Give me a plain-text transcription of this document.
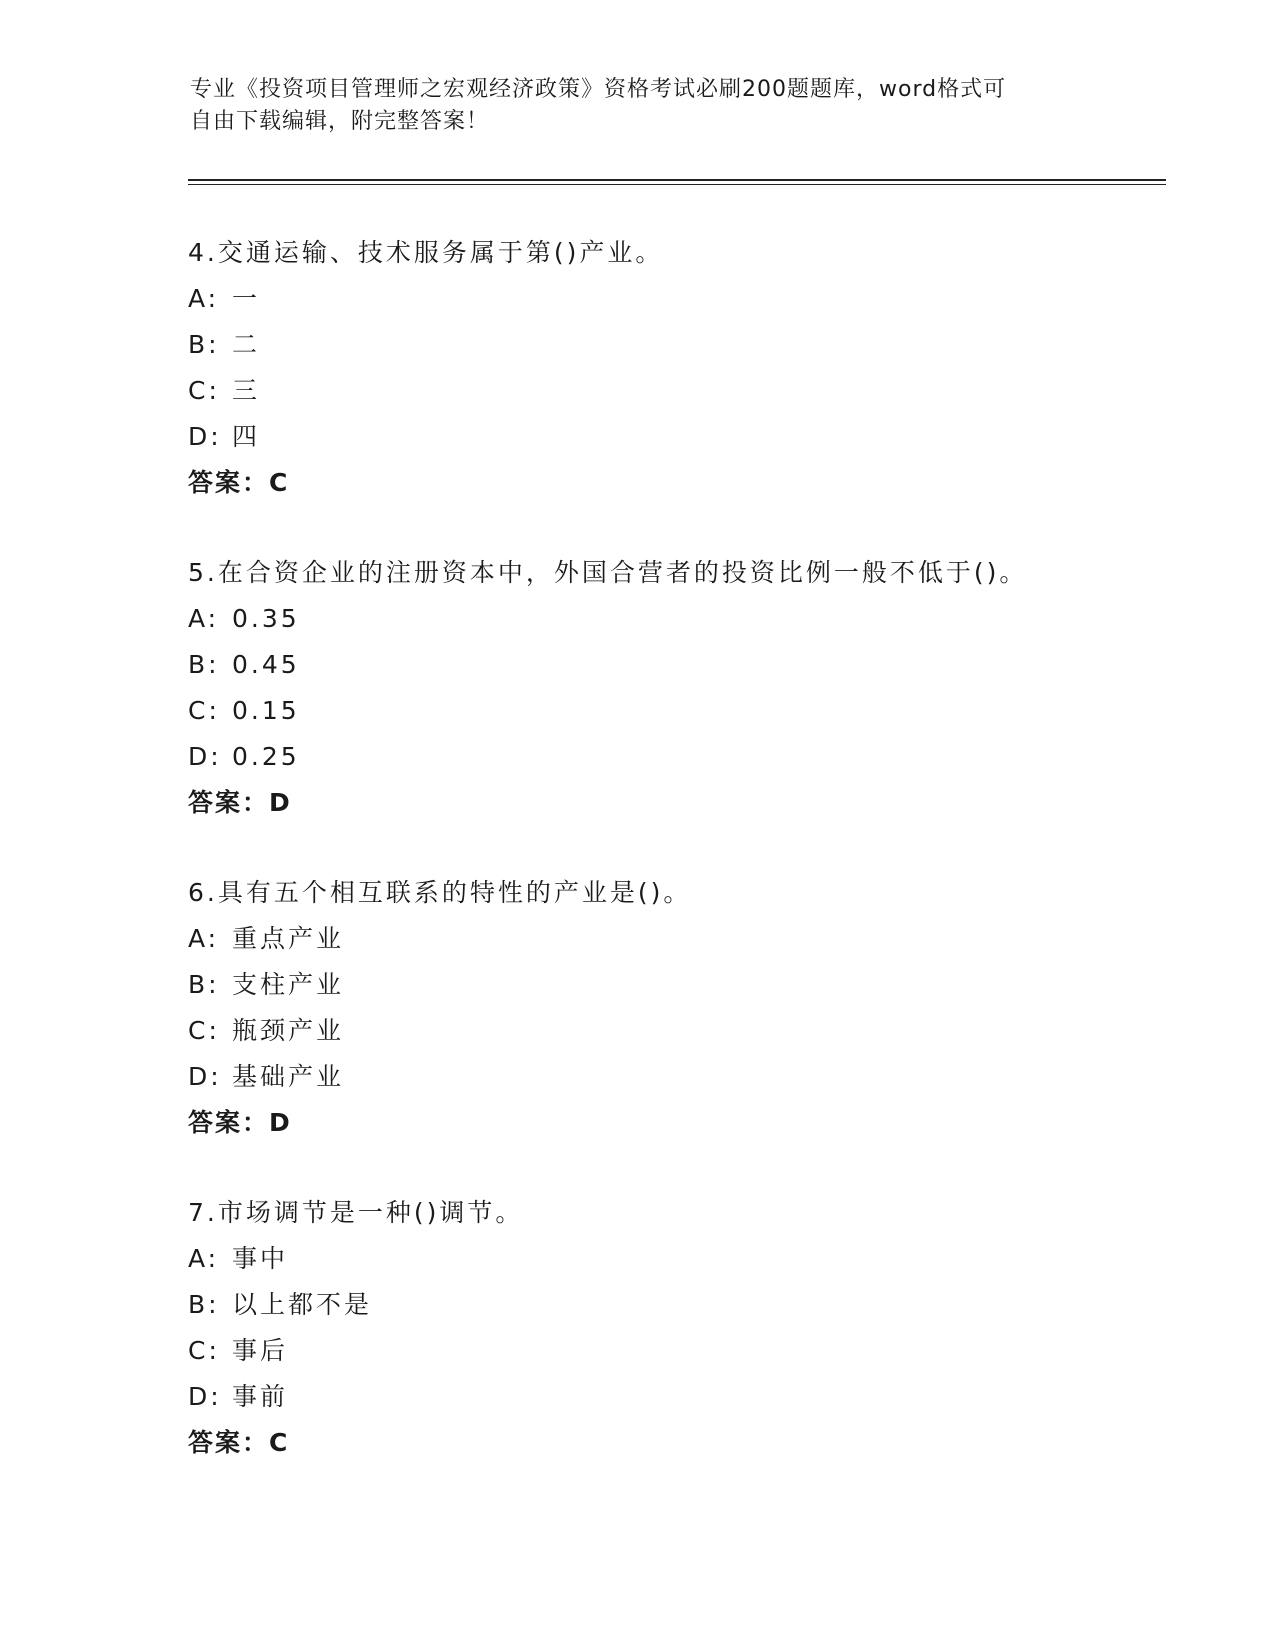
专业《投资项目管理师之宏观经济政策》资格考试必刷200题题库，word格式可
自由下载编辑，附完整答案！
4.交通运输、技术服务属于第()产业。
A: 一
B: 二
C: 三
D: 四
答案：C
5.在合资企业的注册资本中，外国合营者的投资比例一般不低于()。
A: 0.35
B: 0.45
C: 0.15
D: 0.25
答案：D
6.具有五个相互联系的特性的产业是()。
A: 重点产业
B: 支柱产业
C: 瓶颈产业
D: 基础产业
答案：D
7.市场调节是一种()调节。
A: 事中
B: 以上都不是
C: 事后
D: 事前
答案：C
